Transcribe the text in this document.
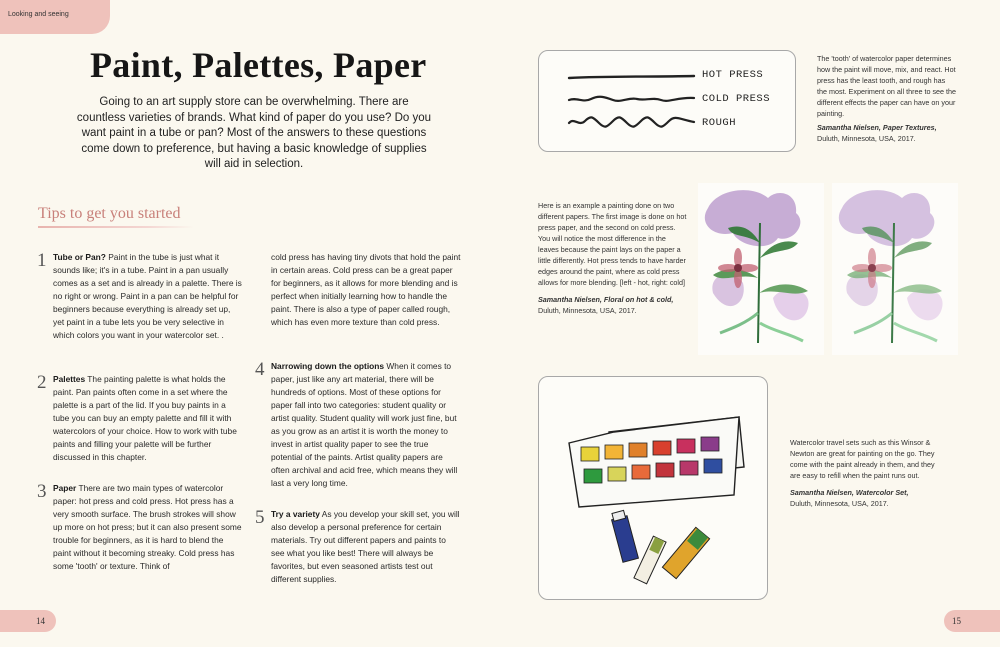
Looking and seeing
Paint, Palettes, Paper
Going to an art supply store can be overwhelming. There are countless varieties of brands. What kind of paper do you use? Do you want paint in a tube or pan? Most of the answers to these questions come down to preference, but having a basic knowledge of supplies will aid in selection.
Tips to get you started
1 Tube or Pan? Paint in the tube is just what it sounds like; it's in a tube. Paint in a pan usually comes as a set and is already in a palette. There is no right or wrong. Paint in a pan can be helpful for beginners because everything is already set up, yet paint in a tube lets you be very selective in which colors you want in your watercolor set. .
2 Palettes The painting palette is what holds the paint. Pan paints often come in a set where the palette is a part of the lid. If you buy paints in a tube you can buy an empty palette and fill it with watercolors of your choice. How to work with tube paints and filling your palette will be further discussed in this chapter.
3 Paper There are two main types of watercolor paper: hot press and cold press. Hot press has a very smooth surface. The brush strokes will show up more on hot press; but it can also present some trouble for beginners, as it is hard to blend the paint without it becoming streaky. Cold press has some 'tooth' or texture. Think of
cold press has having tiny divots that hold the paint in certain areas. Cold press can be a great paper for beginners, as it allows for more blending and is perfect when initially learning how to handle the paint. There is also a type of paper called rough, which has even more texture than cold press.
4 Narrowing down the options When it comes to paper, just like any art material, there will be hundreds of options. Most of these options for paper fall into two categories: student quality or artist quality. Student quality will work just fine, but as you grow as an artist it is worth the money to invest in artist quality paper to see the true potential of the paints. Artist quality papers are often archival and acid free, which means they will last a very long time.
5 Try a variety As you develop your skill set, you will also develop a personal preference for certain materials. Try out different papers and paints to see what you like best! There will always be favorites, but even seasoned artists test out different supplies.
HOT PRESS
COLD PRESS
ROUGH
The 'tooth' of watercolor paper determines how the paint will move, mix, and react. Hot press has the least tooth, and rough has the most. Experiment on all three to see the different effects the paper can have on your painting.
Samantha Nielsen, Paper Textures,
Duluth, Minnesota, USA, 2017.
Here is an example a painting done on two different papers. The first image is done on hot press paper, and the second on cold press. You will notice the most difference in the leaves because the paint lays on the paper a little differently. Hot press tends to have harder edges around the paint, where as cold press allows for more blending. [left - hot, right: cold]
Samantha Nielsen, Floral on hot & cold,
Duluth, Minnesota, USA, 2017.
Watercolor travel sets such as this Winsor & Newton are great for painting on the go. They come with the paint already in them, and they are easy to refill when the paint runs out.
Samantha Nielsen, Watercolor Set,
Duluth, Minnesota, USA, 2017.
14	15
